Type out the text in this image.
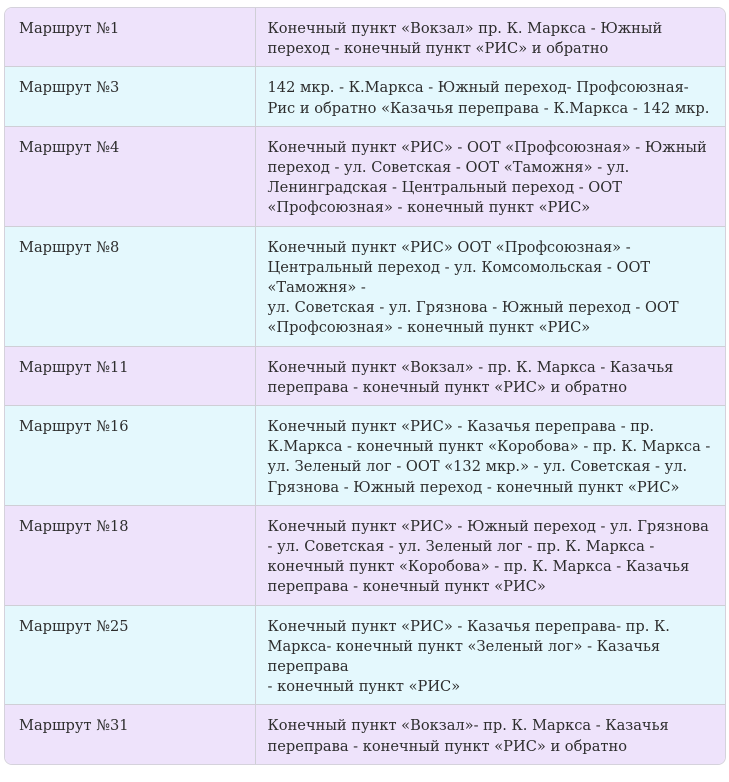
Маршрут №1	Конечный пункт «Вокзал» пр. К. Маркса - Южный переход - конечный пункт «РИС» и обратно
Маршрут №3	142 мкр. - К.Маркса - Южный переход- Профсоюзная- Рис и обратно «Казачья переправа - К.Маркса - 142 мкр.
Маршрут №4	Конечный пункт «РИС» - ООТ «Профсоюзная» - Южный переход - ул. Советская - ООТ «Таможня» - ул. Ленинградская - Центральный переход - ООТ «Профсоюзная» - конечный пункт «РИС»
Маршрут №8	Конечный пункт «РИС» ООТ «Профсоюзная» - Центральный переход - ул. Комсомольская - ООТ «Таможня» -
ул. Советская - ул. Грязнова - Южный переход - ООТ «Профсоюзная» - конечный пункт «РИС»
Маршрут №11	Конечный пункт «Вокзал» - пр. К. Маркса - Казачья переправа - конечный пункт «РИС» и обратно
Маршрут №16	Конечный пункт «РИС» - Казачья переправа - пр. К.Маркса - конечный пункт «Коробова» - пр. К. Маркса - ул. Зеленый лог - ООТ «132 мкр.» - ул. Советская - ул. Грязнова - Южный переход - конечный пункт «РИС»
Маршрут №18	Конечный пункт «РИС» - Южный переход - ул. Грязнова - ул. Советская - ул. Зеленый лог - пр. К. Маркса - конечный пункт «Коробова» - пр. К. Маркса - Казачья переправа - конечный пункт «РИС»
Маршрут №25	Конечный пункт «РИС» - Казачья переправа- пр. К. Маркса- конечный пункт «Зеленый лог» - Казачья переправа
- конечный пункт «РИС»
Маршрут №31	Конечный пункт «Вокзал»- пр. К. Маркса - Казачья переправа - конечный пункт «РИС» и обратно
